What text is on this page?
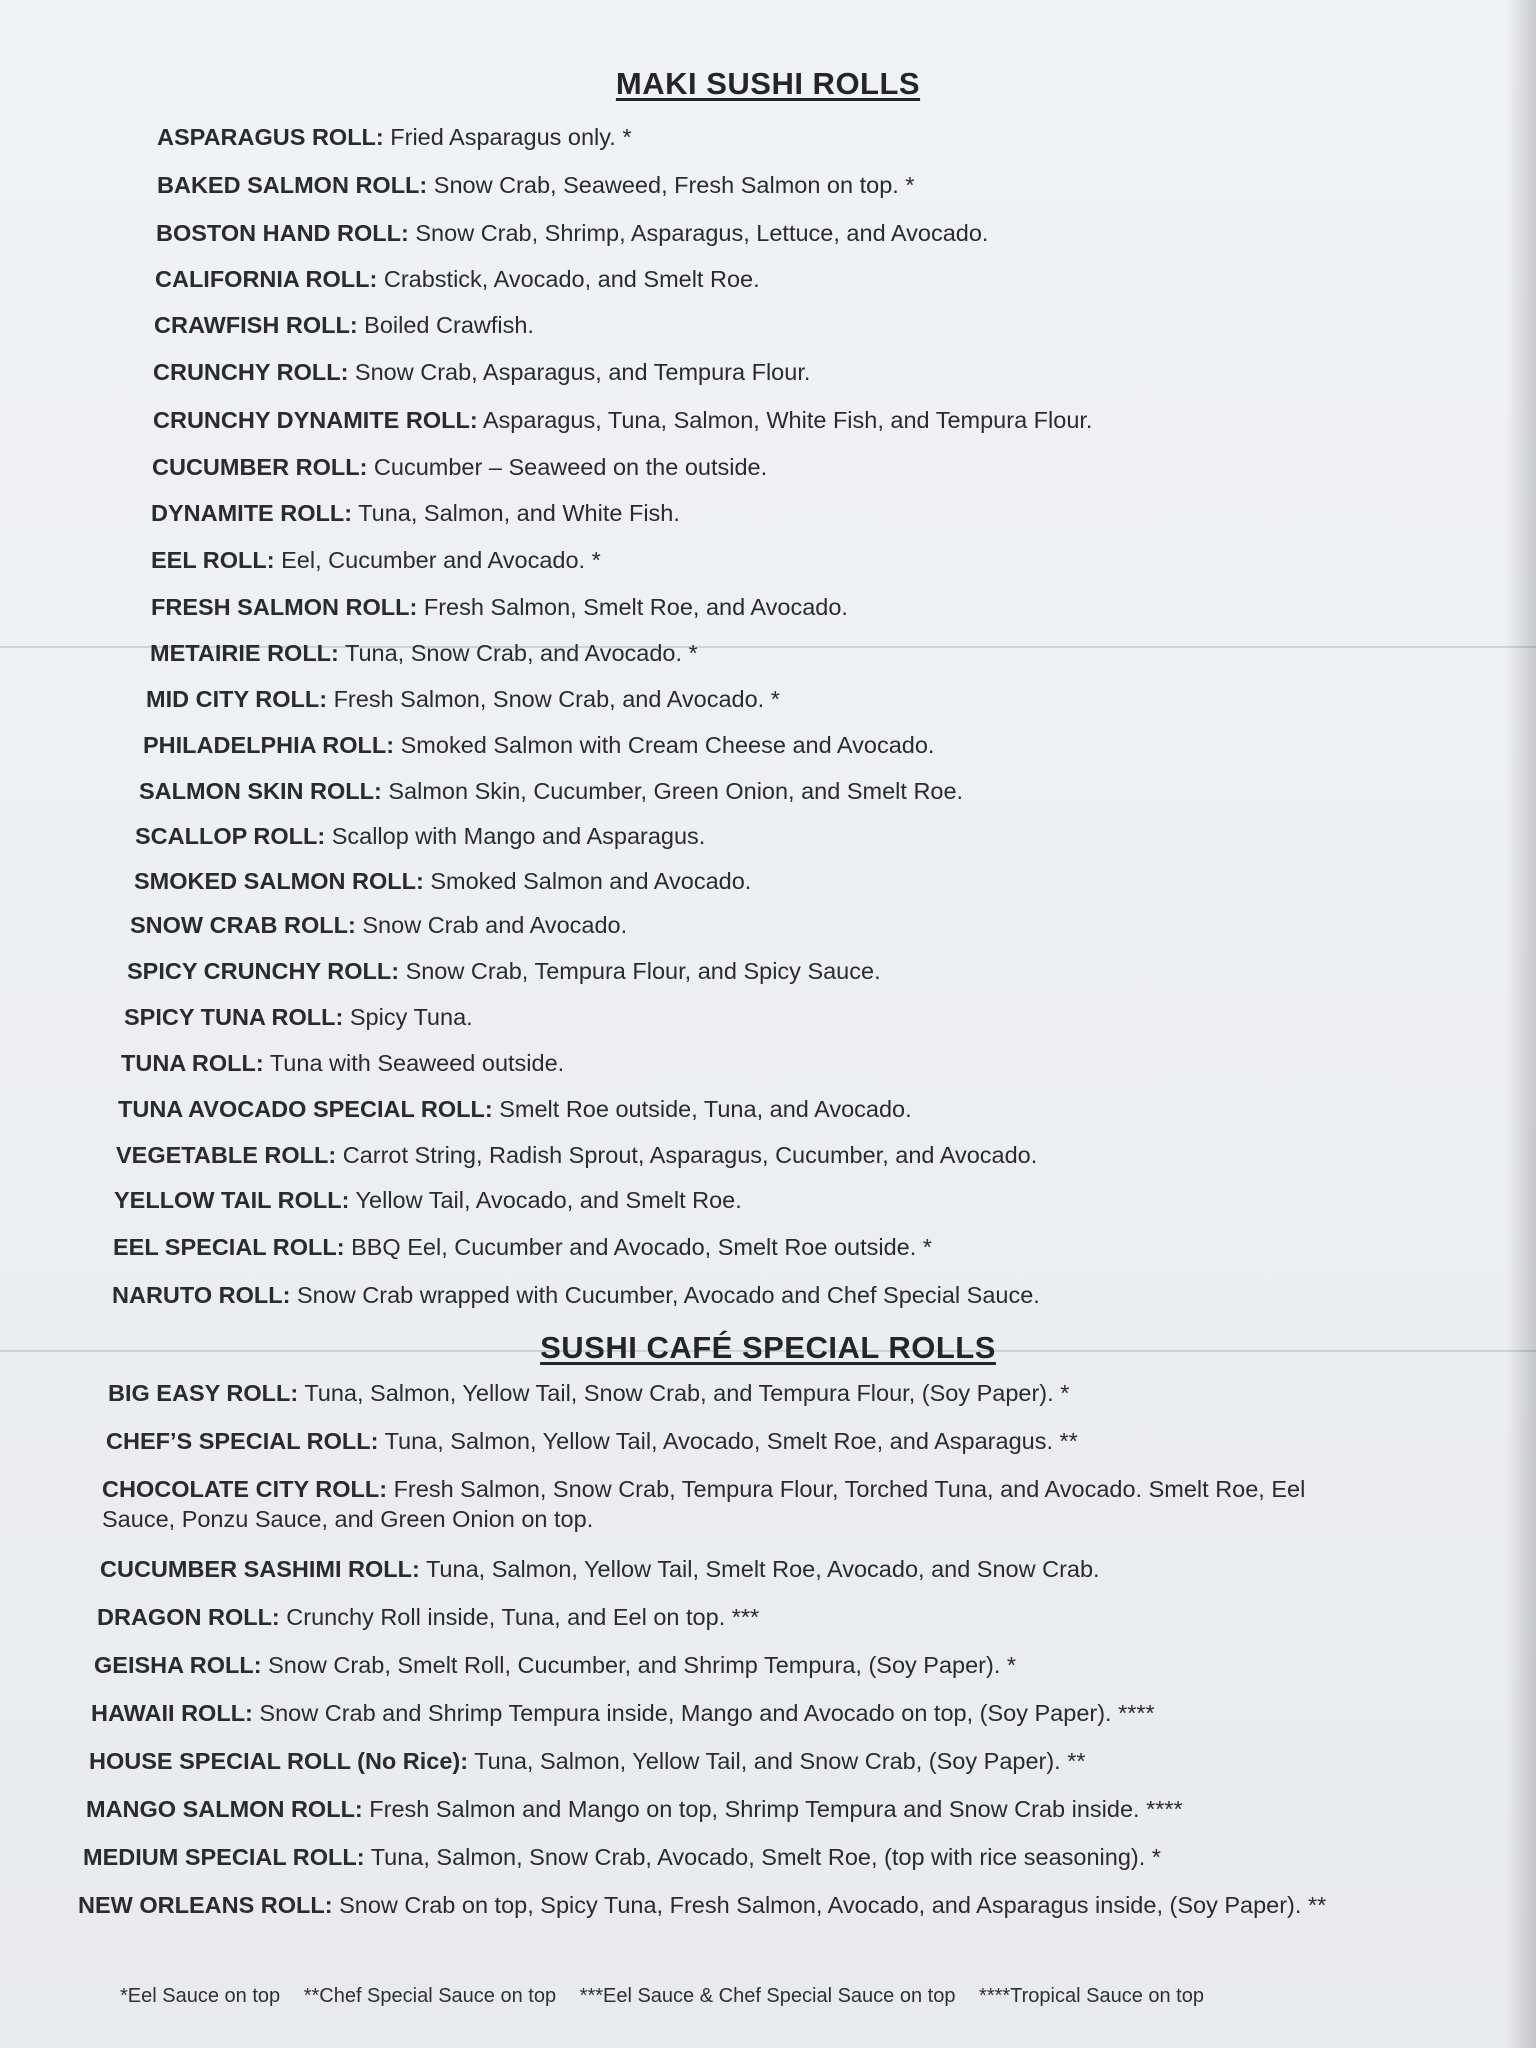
MAKI SUSHI ROLLS
ASPARAGUS ROLL: Fried Asparagus only. *
BAKED SALMON ROLL: Snow Crab, Seaweed, Fresh Salmon on top. *
BOSTON HAND ROLL: Snow Crab, Shrimp, Asparagus, Lettuce, and Avocado.
CALIFORNIA ROLL: Crabstick, Avocado, and Smelt Roe.
CRAWFISH ROLL: Boiled Crawfish.
CRUNCHY ROLL: Snow Crab, Asparagus, and Tempura Flour.
CRUNCHY DYNAMITE ROLL: Asparagus, Tuna, Salmon, White Fish, and Tempura Flour.
CUCUMBER ROLL: Cucumber – Seaweed on the outside.
DYNAMITE ROLL: Tuna, Salmon, and White Fish.
EEL ROLL: Eel, Cucumber and Avocado. *
FRESH SALMON ROLL: Fresh Salmon, Smelt Roe, and Avocado.
METAIRIE ROLL: Tuna, Snow Crab, and Avocado. *
MID CITY ROLL: Fresh Salmon, Snow Crab, and Avocado. *
PHILADELPHIA ROLL: Smoked Salmon with Cream Cheese and Avocado.
SALMON SKIN ROLL: Salmon Skin, Cucumber, Green Onion, and Smelt Roe.
SCALLOP ROLL: Scallop with Mango and Asparagus.
SMOKED SALMON ROLL: Smoked Salmon and Avocado.
SNOW CRAB ROLL: Snow Crab and Avocado.
SPICY CRUNCHY ROLL: Snow Crab, Tempura Flour, and Spicy Sauce.
SPICY TUNA ROLL: Spicy Tuna.
TUNA ROLL: Tuna with Seaweed outside.
TUNA AVOCADO SPECIAL ROLL: Smelt Roe outside, Tuna, and Avocado.
VEGETABLE ROLL: Carrot String, Radish Sprout, Asparagus, Cucumber, and Avocado.
YELLOW TAIL ROLL: Yellow Tail, Avocado, and Smelt Roe.
EEL SPECIAL ROLL: BBQ Eel, Cucumber and Avocado, Smelt Roe outside. *
NARUTO ROLL: Snow Crab wrapped with Cucumber, Avocado and Chef Special Sauce.
SUSHI CAFÉ SPECIAL ROLLS
BIG EASY ROLL: Tuna, Salmon, Yellow Tail, Snow Crab, and Tempura Flour, (Soy Paper). *
CHEF’S SPECIAL ROLL: Tuna, Salmon, Yellow Tail, Avocado, Smelt Roe, and Asparagus. **
CHOCOLATE CITY ROLL: Fresh Salmon, Snow Crab, Tempura Flour, Torched Tuna, and Avocado. Smelt Roe, Eel Sauce, Ponzu Sauce, and Green Onion on top.
CUCUMBER SASHIMI ROLL: Tuna, Salmon, Yellow Tail, Smelt Roe, Avocado, and Snow Crab.
DRAGON ROLL: Crunchy Roll inside, Tuna, and Eel on top. ***
GEISHA ROLL: Snow Crab, Smelt Roll, Cucumber, and Shrimp Tempura, (Soy Paper). *
HAWAII ROLL: Snow Crab and Shrimp Tempura inside, Mango and Avocado on top, (Soy Paper). ****
HOUSE SPECIAL ROLL (No Rice): Tuna, Salmon, Yellow Tail, and Snow Crab, (Soy Paper). **
MANGO SALMON ROLL: Fresh Salmon and Mango on top, Shrimp Tempura and Snow Crab inside. ****
MEDIUM SPECIAL ROLL: Tuna, Salmon, Snow Crab, Avocado, Smelt Roe, (top with rice seasoning). *
NEW ORLEANS ROLL: Snow Crab on top, Spicy Tuna, Fresh Salmon, Avocado, and Asparagus inside, (Soy Paper). **
*Eel Sauce on top **Chef Special Sauce on top ***Eel Sauce & Chef Special Sauce on top ****Tropical Sauce on top
